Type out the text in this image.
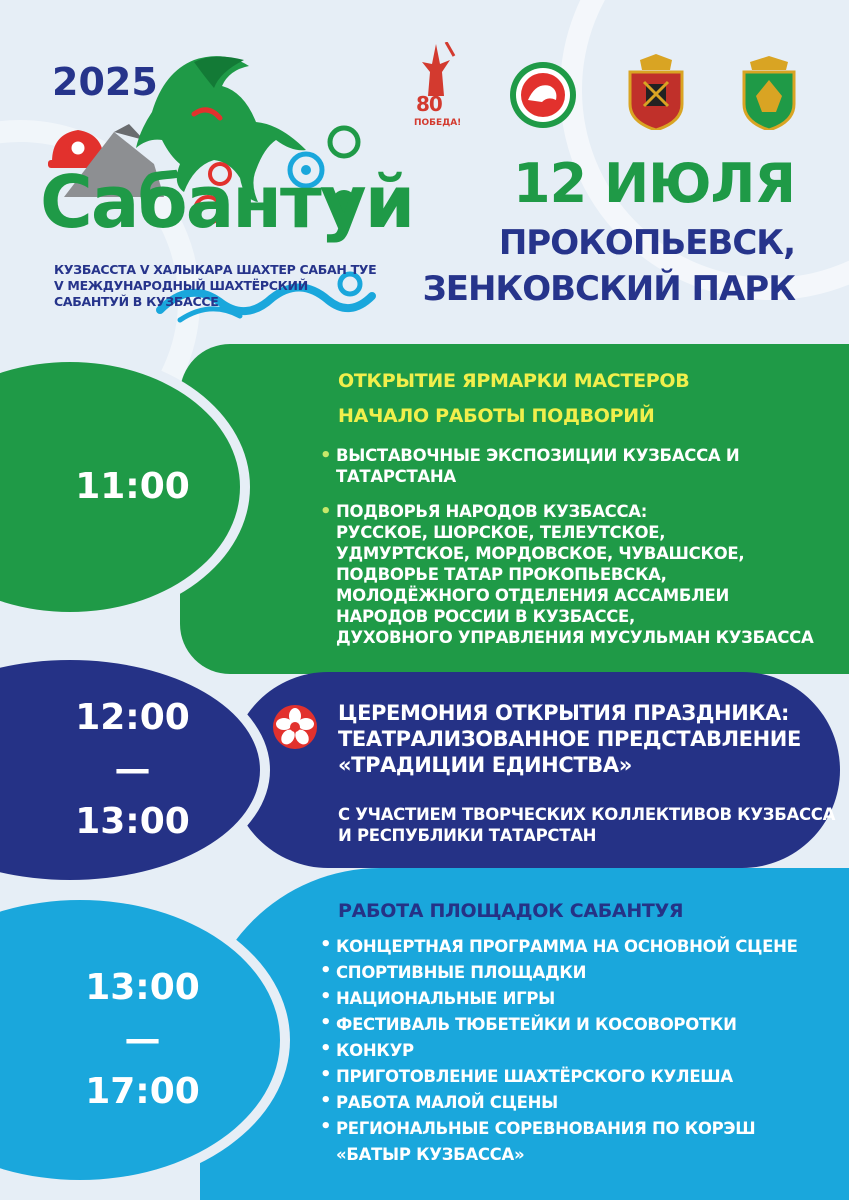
2025
Сабантуй
КУЗБАССТА V ХАЛЫКАРА ШАХТЕР САБАН ТУЕ
V МЕЖДУНАРОДНЫЙ ШАХТЁРСКИЙ
САБАНТУЙ В КУЗБАССЕ
80
ПОБЕДА!
12 ИЮЛЯ
ПРОКОПЬЕВСК,
ЗЕНКОВСКИЙ ПАРК
11:00
ОТКРЫТИЕ ЯРМАРКИ МАСТЕРОВ
НАЧАЛО РАБОТЫ ПОДВОРИЙ
• ВЫСТАВОЧНЫЕ ЭКСПОЗИЦИИ КУЗБАССА И ТАТАРСТАНА
• ПОДВОРЬЯ НАРОДОВ КУЗБАССА:
РУССКОЕ, ШОРСКОЕ, ТЕЛЕУТСКОЕ,
УДМУРТСКОЕ, МОРДОВСКОЕ, ЧУВАШСКОЕ,
ПОДВОРЬЕ ТАТАР ПРОКОПЬЕВСКА,
МОЛОДЁЖНОГО ОТДЕЛЕНИЯ АССАМБЛЕИ
НАРОДОВ РОССИИ В КУЗБАССЕ,
ДУХОВНОГО УПРАВЛЕНИЯ МУСУЛЬМАН КУЗБАССА
12:00
—
13:00
ЦЕРЕМОНИЯ ОТКРЫТИЯ ПРАЗДНИКА:
ТЕАТРАЛИЗОВАННОЕ ПРЕДСТАВЛЕНИЕ
«ТРАДИЦИИ ЕДИНСТВА»
С УЧАСТИЕМ ТВОРЧЕСКИХ КОЛЛЕКТИВОВ КУЗБАССА
И РЕСПУБЛИКИ ТАТАРСТАН
13:00
—
17:00
РАБОТА ПЛОЩАДОК САБАНТУЯ
• КОНЦЕРТНАЯ ПРОГРАММА НА ОСНОВНОЙ СЦЕНЕ
• СПОРТИВНЫЕ ПЛОЩАДКИ
• НАЦИОНАЛЬНЫЕ ИГРЫ
• ФЕСТИВАЛЬ ТЮБЕТЕЙКИ И КОСОВОРОТКИ
• КОНКУР
• ПРИГОТОВЛЕНИЕ ШАХТЁРСКОГО КУЛЕША
• РАБОТА МАЛОЙ СЦЕНЫ
• РЕГИОНАЛЬНЫЕ СОРЕВНОВАНИЯ ПО КОРЭШ
«БАТЫР КУЗБАССА»
